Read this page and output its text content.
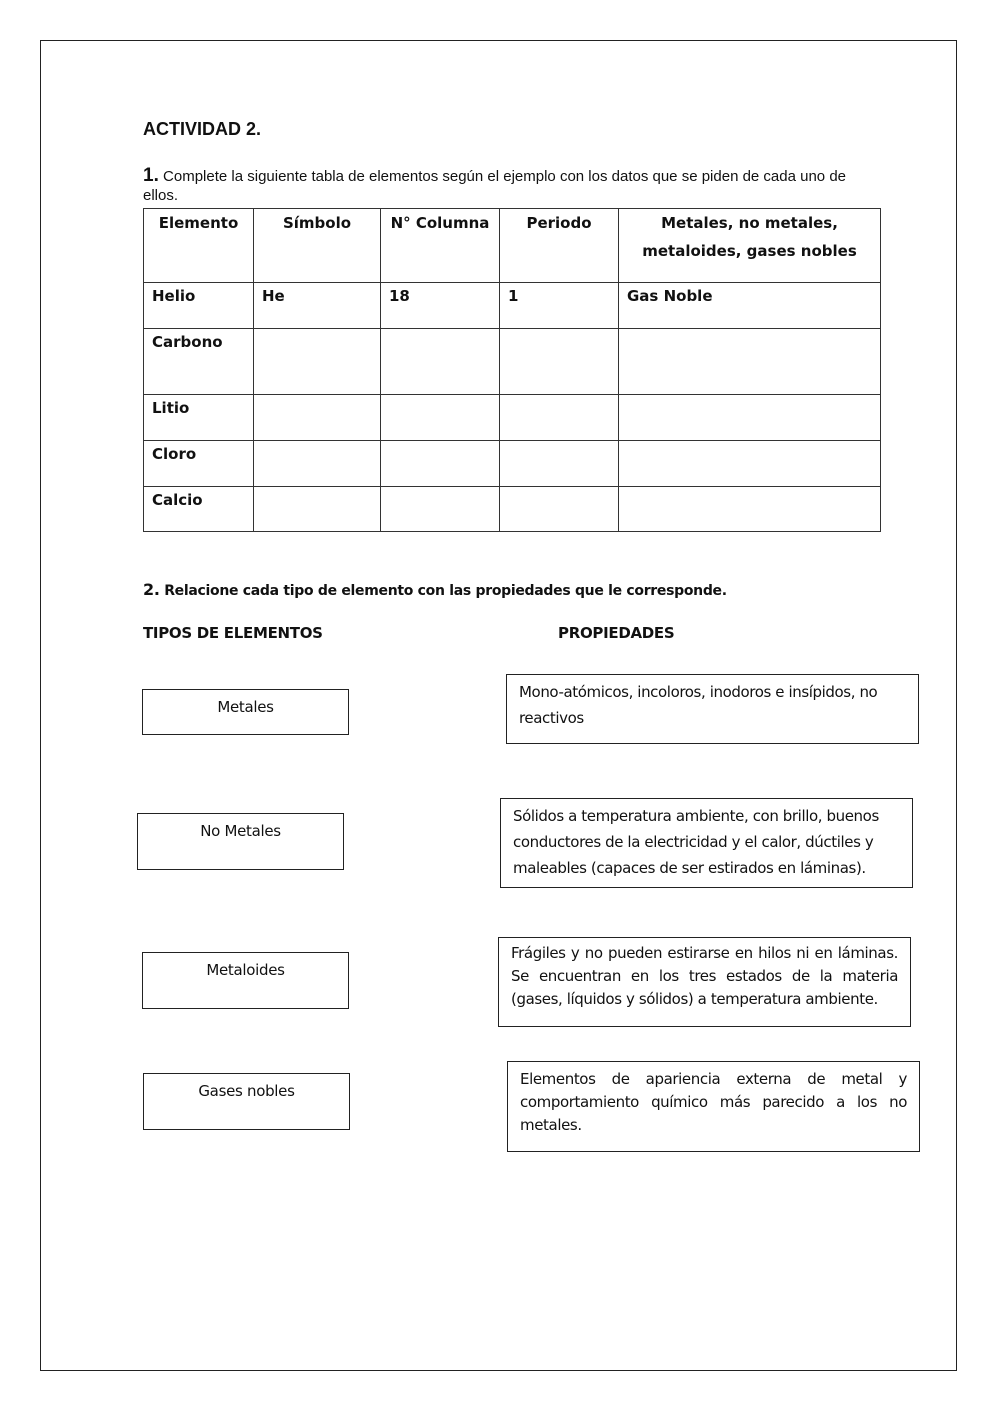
ACTIVIDAD 2.
1. Complete la siguiente tabla de elementos según el ejemplo con los datos que se piden de cada uno de ellos.
Elemento	Símbolo	N° Columna	Periodo	Metales, no metales, metaloides, gases nobles
Helio	He	18	1	Gas Noble
Carbono				
Litio				
Cloro				
Calcio				
2. Relacione cada tipo de elemento con las propiedades que le corresponde.
TIPOS DE ELEMENTOS	PROPIEDADES
Metales
No Metales
Metaloides
Gases nobles
Mono-atómicos, incoloros, inodoros e insípidos, no reactivos
Sólidos a temperatura ambiente, con brillo, buenos conductores de la electricidad y el calor, dúctiles y maleables (capaces de ser estirados en láminas).
Frágiles y no pueden estirarse en hilos ni en láminas. Se encuentran en los tres estados de la materia (gases, líquidos y sólidos) a temperatura ambiente.
Elementos de apariencia externa de metal y comportamiento químico más parecido a los no metales.
